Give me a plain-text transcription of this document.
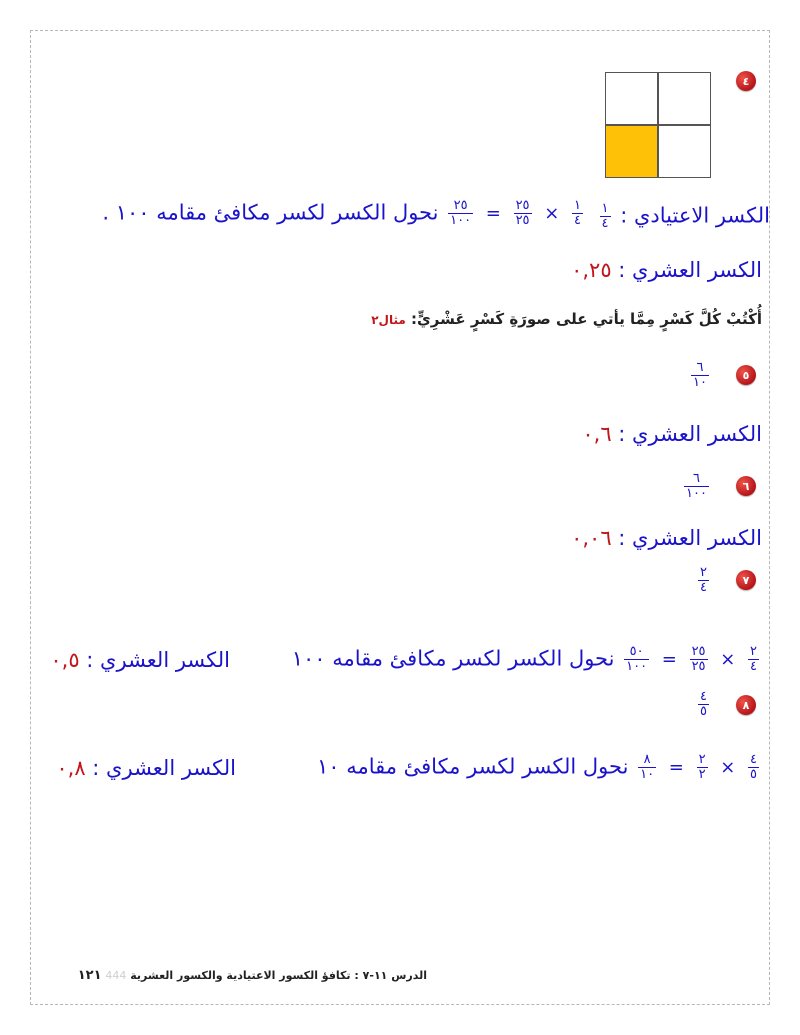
٤
الكسر الاعتيادي :
$\frac{١}{٤}$
$\frac{١}{٤}$
×
$\frac{٢٥}{٢٥}$
=
$\frac{٢٥}{١٠٠}$
نحول الكسر لكسر مكافئ مقامه ١٠٠ .
الكسر العشري : ٠,٢٥
أُكْتُبْ كُلَّ كَسْرٍ مِمَّا يأتي على صورَةِ كَسْرٍ عَشْرِيٍّ: مثال٢
٥
$\frac{٦}{١٠}$
الكسر العشري : ٠,٦
٦
$\frac{٦}{١٠٠}$
الكسر العشري : ٠,٠٦
٧
$\frac{٢}{٤}$
$\frac{٢}{٤}$
×
$\frac{٢٥}{٢٥}$
=
$\frac{٥٠}{١٠٠}$
نحول الكسر لكسر مكافئ مقامه ١٠٠
الكسر العشري : ٠,٥
٨
$\frac{٤}{٥}$
$\frac{٤}{٥}$
×
$\frac{٢}{٢}$
=
$\frac{٨}{١٠}$
نحول الكسر لكسر مكافئ مقامه ١٠
الكسر العشري : ٠,٨
الدرس ١١-٧ : تكافؤ الكسور الاعتيادية والكسور العشرية 444 ١٢١
